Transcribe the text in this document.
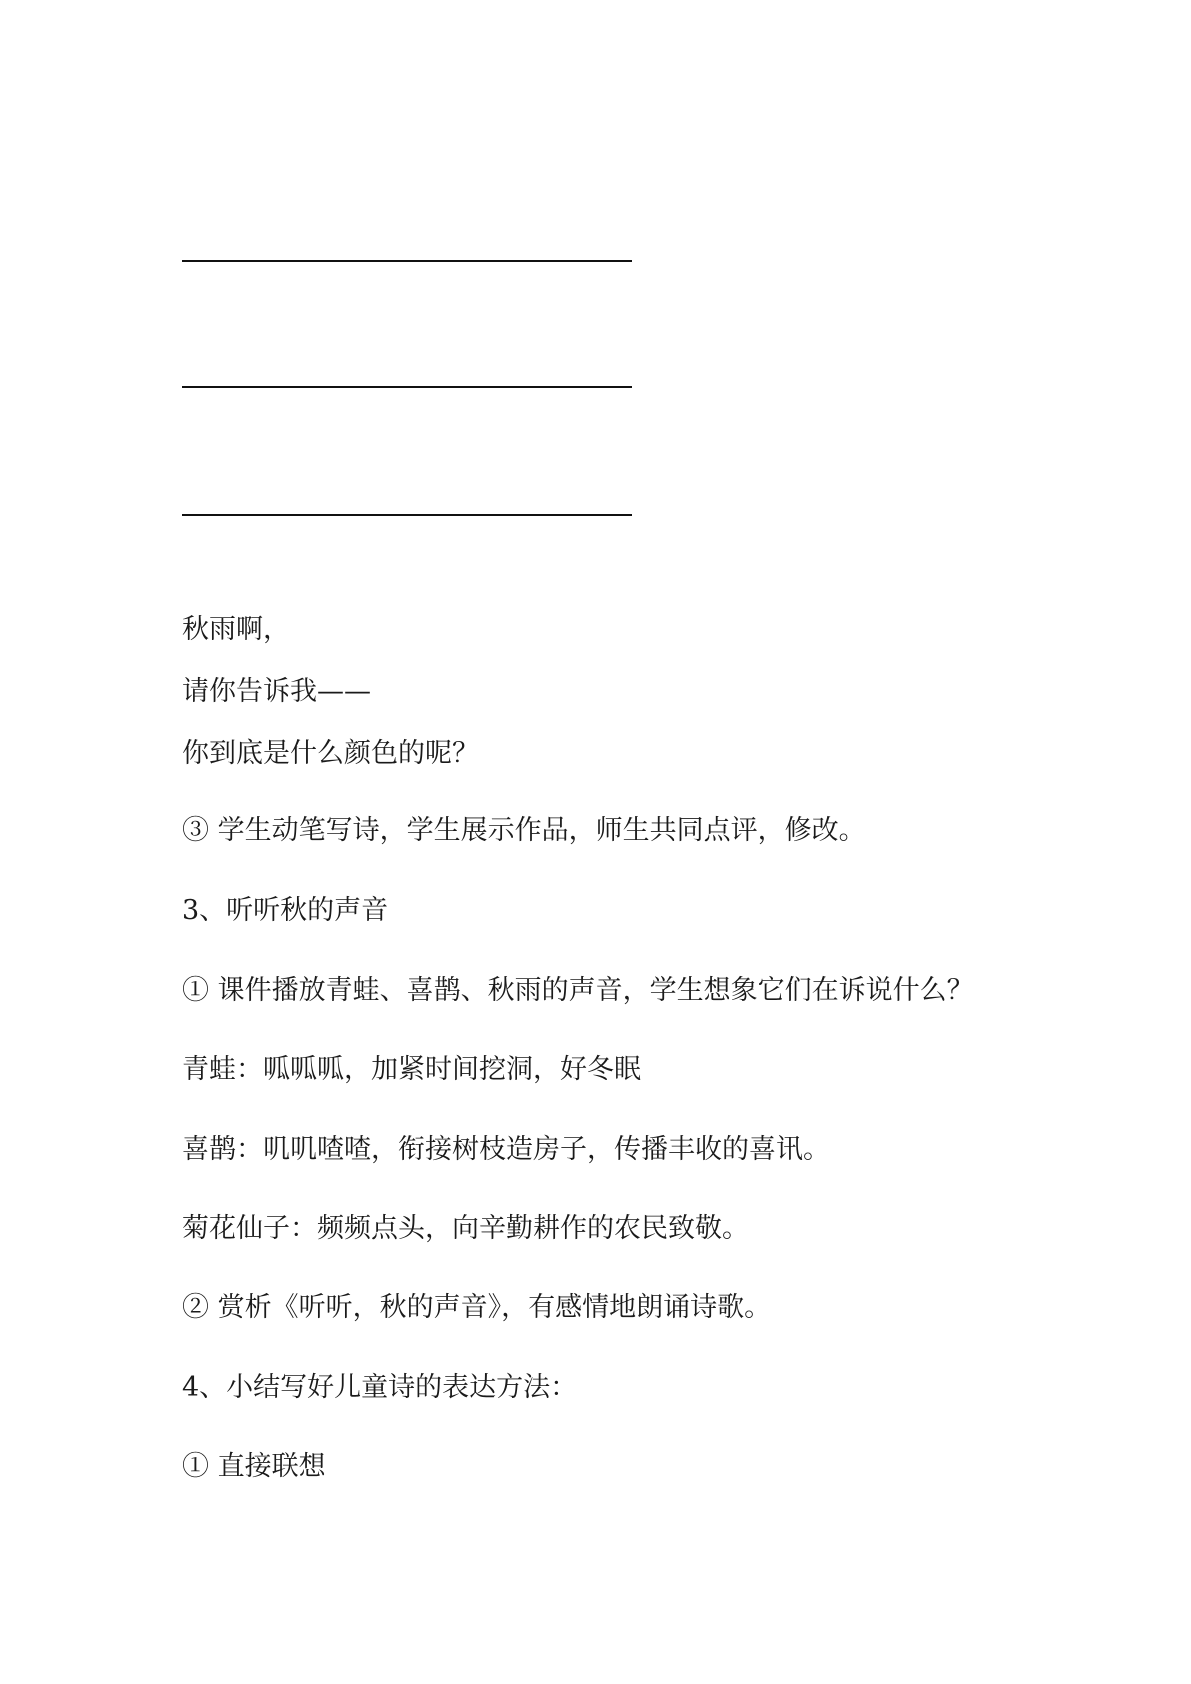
秋雨啊，
请你告诉我——
你到底是什么颜色的呢？
③ 学生动笔写诗，学生展示作品，师生共同点评，修改。
3、听听秋的声音
① 课件播放青蛙、喜鹊、秋雨的声音，学生想象它们在诉说什么？
青蛙：呱呱呱，加紧时间挖洞，好冬眠
喜鹊：叽叽喳喳，衔接树枝造房子，传播丰收的喜讯。
菊花仙子：频频点头，向辛勤耕作的农民致敬。
② 赏析《听听，秋的声音》，有感情地朗诵诗歌。
4、小结写好儿童诗的表达方法：
① 直接联想
